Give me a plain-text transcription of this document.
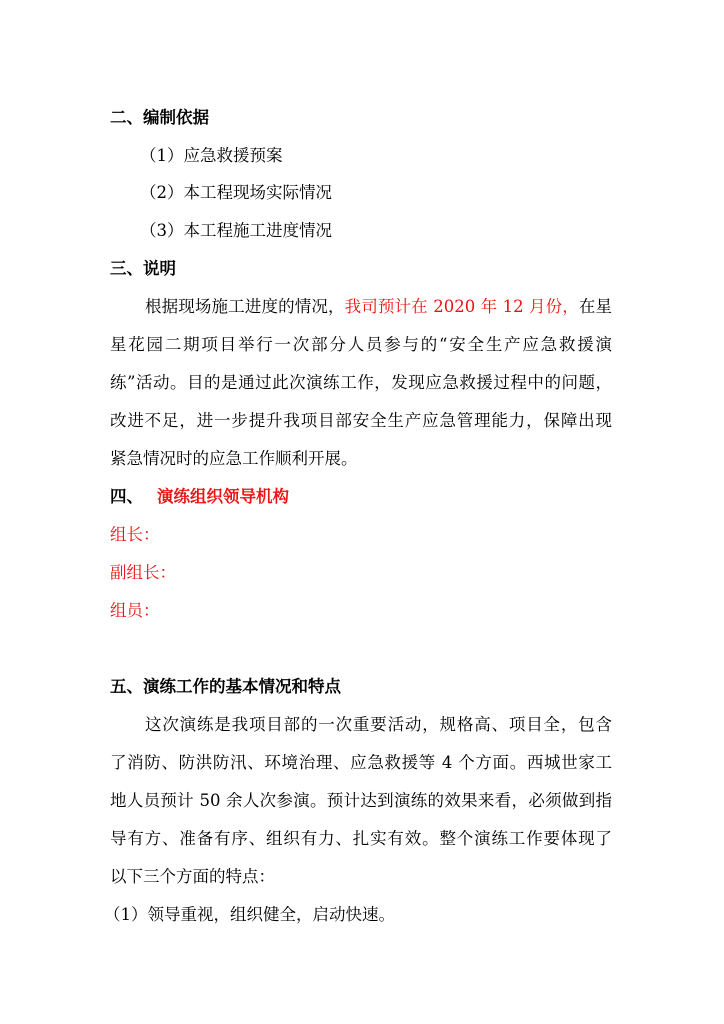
二、编制依据
（1）应急救援预案
（2）本工程现场实际情况
（3）本工程施工进度情况
三、说明
根据现场施工进度的情况，我司预计在 2020 年 12 月份，在星
星花园二期项目举行一次部分人员参与的“安全生产应急救援演
练”活动。目的是通过此次演练工作，发现应急救援过程中的问题，
改进不足，进一步提升我项目部安全生产应急管理能力，保障出现
紧急情况时的应急工作顺利开展。
四、 演练组织领导机构
组长：
副组长：
组员：
五、演练工作的基本情况和特点
这次演练是我项目部的一次重要活动，规格高、项目全，包含
了消防、防洪防汛、环境治理、应急救援等 4 个方面。西城世家工
地人员预计 50 余人次参演。预计达到演练的效果来看，必须做到指
导有方、准备有序、组织有力、扎实有效。整个演练工作要体现了
以下三个方面的特点：
（1）领导重视，组织健全，启动快速。
